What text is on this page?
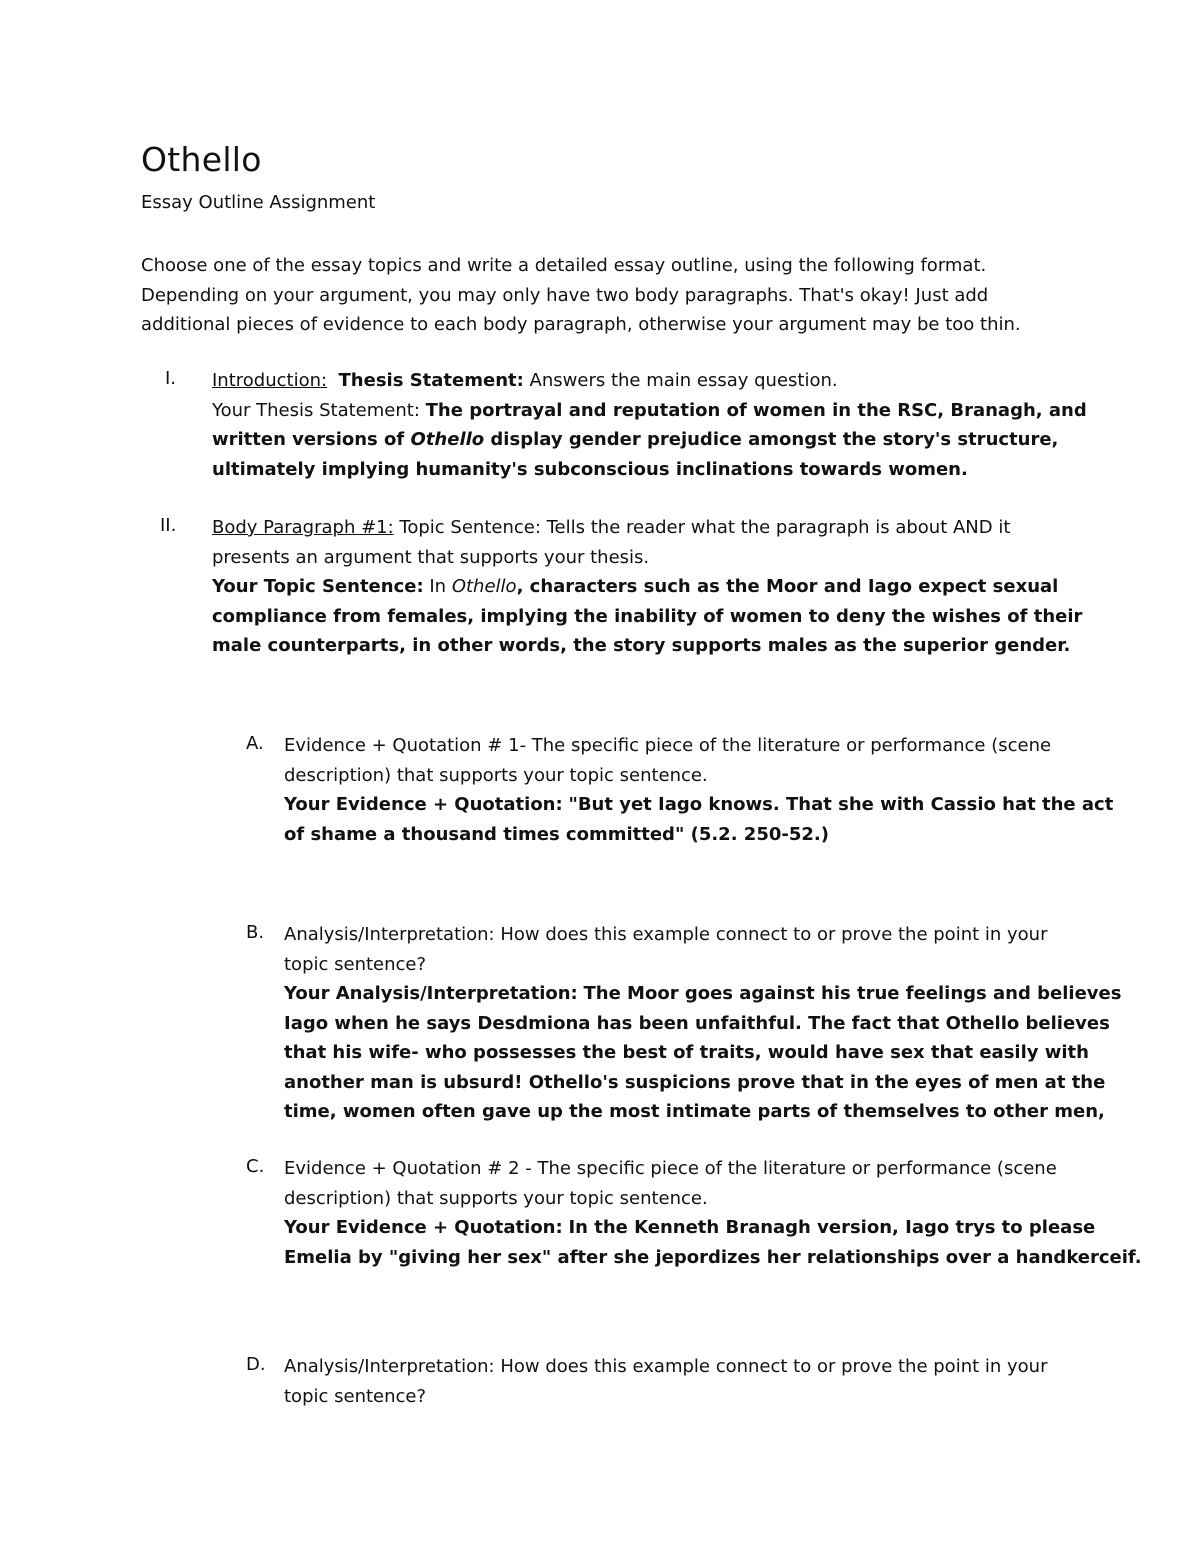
Othello
Essay Outline Assignment
Choose one of the essay topics and write a detailed essay outline, using the following format.
Depending on your argument, you may only have two body paragraphs. That's okay! Just add
additional pieces of evidence to each body paragraph, otherwise your argument may be too thin.
I. Introduction: Thesis Statement: Answers the main essay question.
Your Thesis Statement: The portrayal and reputation of women in the RSC, Branagh, and
written versions of Othello display gender prejudice amongst the story's structure,
ultimately implying humanity's subconscious inclinations towards women.
II. Body Paragraph #1: Topic Sentence: Tells the reader what the paragraph is about AND it
presents an argument that supports your thesis.
Your Topic Sentence: In Othello, characters such as the Moor and Iago expect sexual
compliance from females, implying the inability of women to deny the wishes of their
male counterparts, in other words, the story supports males as the superior gender.
A. Evidence + Quotation # 1- The specific piece of the literature or performance (scene
description) that supports your topic sentence.
Your Evidence + Quotation: "But yet Iago knows. That she with Cassio hat the act
of shame a thousand times committed" (5.2. 250-52.)
B. Analysis/Interpretation: How does this example connect to or prove the point in your
topic sentence?
Your Analysis/Interpretation: The Moor goes against his true feelings and believes
Iago when he says Desdmiona has been unfaithful. The fact that Othello believes
that his wife- who possesses the best of traits, would have sex that easily with
another man is ubsurd! Othello's suspicions prove that in the eyes of men at the
time, women often gave up the most intimate parts of themselves to other men,
C. Evidence + Quotation # 2 - The specific piece of the literature or performance (scene
description) that supports your topic sentence.
Your Evidence + Quotation: In the Kenneth Branagh version, Iago trys to please
Emelia by "giving her sex" after she jepordizes her relationships over a handkerceif.
D. Analysis/Interpretation: How does this example connect to or prove the point in your
topic sentence?
